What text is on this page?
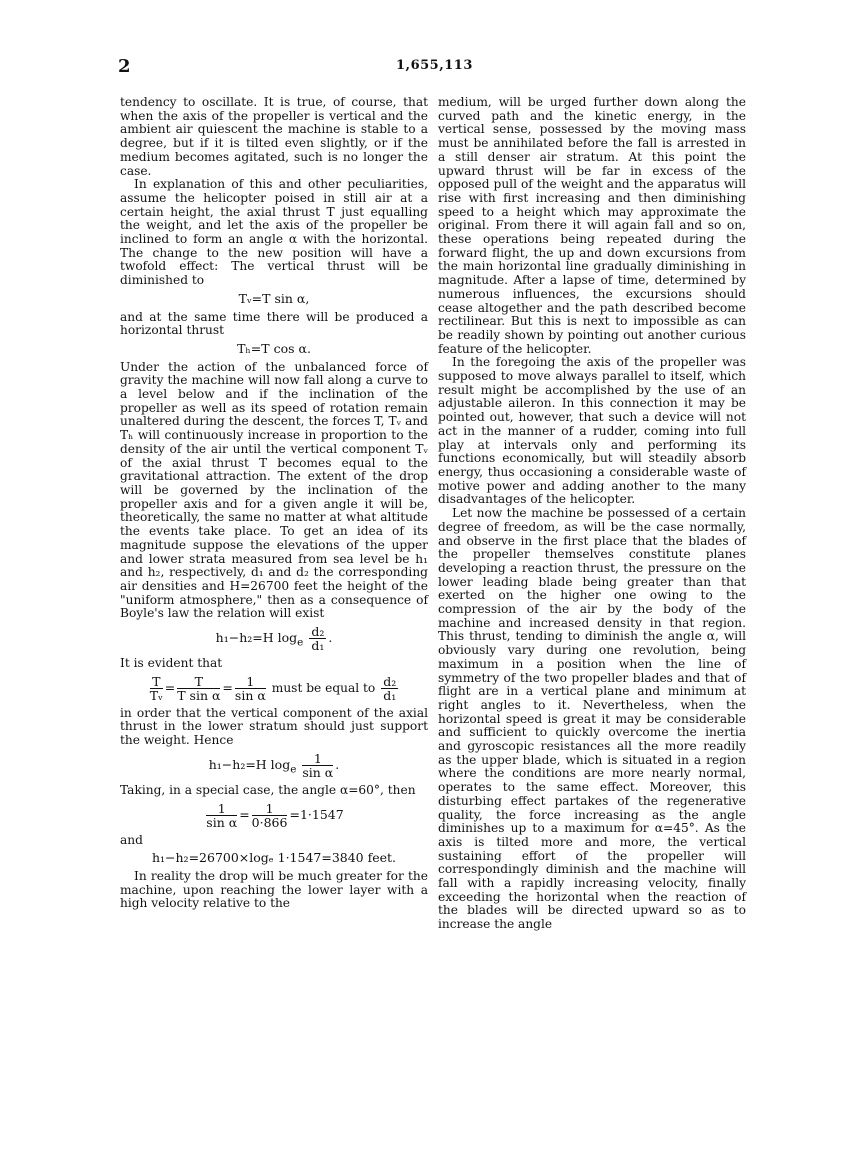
2	1,655,113

tendency to oscillate. It is true, of course, that when the axis of the propeller is vertical and the ambient air quiescent the machine is stable to a degree, but if it is tilted even slightly, or if the medium becomes agitated, such is no longer the case.

In explanation of this and other peculiarities, assume the helicopter poised in still air at a certain height, the axial thrust T just equalling the weight, and let the axis of the propeller be inclined to form an angle α with the horizontal. The change to the new position will have a twofold effect: The vertical thrust will be diminished to

Tᵥ=T sin α,

and at the same time there will be produced a horizontal thrust

Tₕ=T cos α.

Under the action of the unbalanced force of gravity the machine will now fall along a curve to a level below and if the inclination of the propeller as well as its speed of rotation remain unaltered during the descent, the forces T, Tᵥ and Tₕ will continuously increase in proportion to the density of the air until the vertical component Tᵥ of the axial thrust T becomes equal to the gravitational attraction. The extent of the drop will be governed by the inclination of the propeller axis and for a given angle it will be, theoretically, the same no matter at what altitude the events take place. To get an idea of its magnitude suppose the elevations of the upper and lower strata measured from sea level be h₁ and h₂, respectively, d₁ and d₂ the corresponding air densities and H=26700 feet the height of the "uniform atmosphere," then as a consequence of Boyle's law the relation will exist

h₁−h₂=H $\log_e \frac{\text{d₂}}{\text{d₁}}$ .

It is evident that

$\frac{T}{\text{Tᵥ}} = \frac{T}{\text{T sin α}} = \frac{1}{\text{sin α}}$ must be equal to $\frac{\text{d₂}}{\text{d₁}}$

in order that the vertical component of the axial thrust in the lower stratum should just support the weight. Hence

h₁−h₂=H $\log_e \frac{1}{\text{sin α}}$ .

Taking, in a special case, the angle α=60°, then

$\frac{1}{\text{sin α}} = \frac{1}{0\cdot 866} =1\cdot 1547$

and

h₁−h₂=26700×logₑ 1·1547=3840 feet.

In reality the drop will be much greater for the machine, upon reaching the lower layer with a high velocity relative to the

medium, will be urged further down along the curved path and the kinetic energy, in the vertical sense, possessed by the moving mass must be annihilated before the fall is arrested in a still denser air stratum. At this point the upward thrust will be far in excess of the opposed pull of the weight and the apparatus will rise with first increasing and then diminishing speed to a height which may approximate the original. From there it will again fall and so on, these operations being repeated during the forward flight, the up and down excursions from the main horizontal line gradually diminishing in magnitude. After a lapse of time, determined by numerous influences, the excursions should cease altogether and the path described become rectilinear. But this is next to impossible as can be readily shown by pointing out another curious feature of the helicopter.

In the foregoing the axis of the propeller was supposed to move always parallel to itself, which result might be accomplished by the use of an adjustable aileron. In this connection it may be pointed out, however, that such a device will not act in the manner of a rudder, coming into full play at intervals only and performing its functions economically, but will steadily absorb energy, thus occasioning a considerable waste of motive power and adding another to the many disadvantages of the helicopter.

Let now the machine be possessed of a certain degree of freedom, as will be the case normally, and observe in the first place that the blades of the propeller themselves constitute planes developing a reaction thrust, the pressure on the lower leading blade being greater than that exerted on the higher one owing to the compression of the air by the body of the machine and increased density in that region. This thrust, tending to diminish the angle α, will obviously vary during one revolution, being maximum in a position when the line of symmetry of the two propeller blades and that of flight are in a vertical plane and minimum at right angles to it. Nevertheless, when the horizontal speed is great it may be considerable and sufficient to quickly overcome the inertia and gyroscopic resistances all the more readily as the upper blade, which is situated in a region where the conditions are more nearly normal, operates to the same effect. Moreover, this disturbing effect partakes of the regenerative quality, the force increasing as the angle diminishes up to a maximum for α=45°. As the axis is tilted more and more, the vertical sustaining effort of the propeller will correspondingly diminish and the machine will fall with a rapidly increasing velocity, finally exceeding the horizontal when the reaction of the blades will be directed upward so as to increase the angle
